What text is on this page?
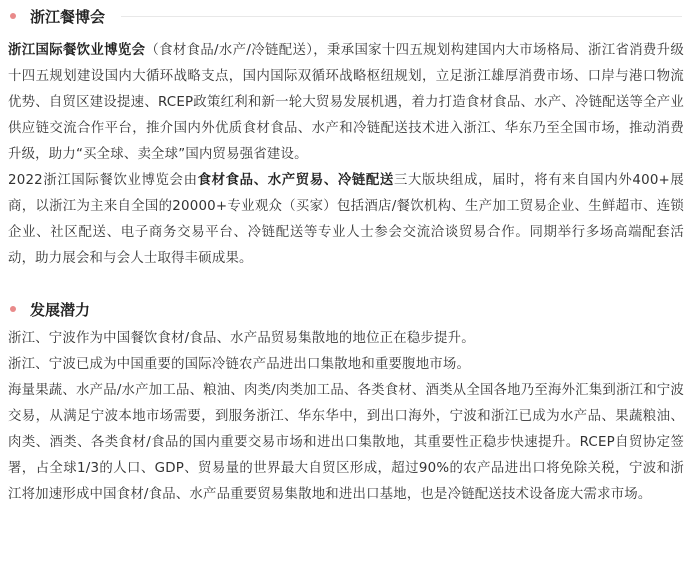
浙江餐博会

浙江国际餐饮业博览会（食材食品/水产/冷链配送），秉承国家十四五规划构建国内大市场格局、浙江省消费升级十四五规划建设国内大循环战略支点，国内国际双循环战略枢纽规划，立足浙江雄厚消费市场、口岸与港口物流优势、自贸区建设提速、RCEP政策红利和新一轮大贸易发展机遇，着力打造食材食品、水产、冷链配送等全产业供应链交流合作平台，推介国内外优质食材食品、水产和冷链配送技术进入浙江、华东乃至全国市场，推动消费升级，助力“买全球、卖全球”国内贸易强省建设。

2022浙江国际餐饮业博览会由食材食品、水产贸易、冷链配送三大版块组成，届时，将有来自国内外400+展商，以浙江为主来自全国的20000+专业观众（买家）包括酒店/餐饮机构、生产加工贸易企业、生鲜超市、连锁企业、社区配送、电子商务交易平台、冷链配送等专业人士参会交流洽谈贸易合作。同期举行多场高端配套活动，助力展会和与会人士取得丰硕成果。

发展潜力

浙江、宁波作为中国餐饮食材/食品、水产品贸易集散地的地位正在稳步提升。

浙江、宁波已成为中国重要的国际冷链农产品进出口集散地和重要腹地市场。

海量果蔬、水产品/水产加工品、粮油、肉类/肉类加工品、各类食材、酒类从全国各地乃至海外汇集到浙江和宁波交易，从满足宁波本地市场需要，到服务浙江、华东华中，到出口海外，宁波和浙江已成为水产品、果蔬粮油、肉类、酒类、各类食材/食品的国内重要交易市场和进出口集散地，其重要性正稳步快速提升。RCEP自贸协定签署，占全球1/3的人口、GDP、贸易量的世界最大自贸区形成，超过90%的农产品进出口将免除关税，宁波和浙江将加速形成中国食材/食品、水产品重要贸易集散地和进出口基地，也是冷链配送技术设备庞大需求市场。
